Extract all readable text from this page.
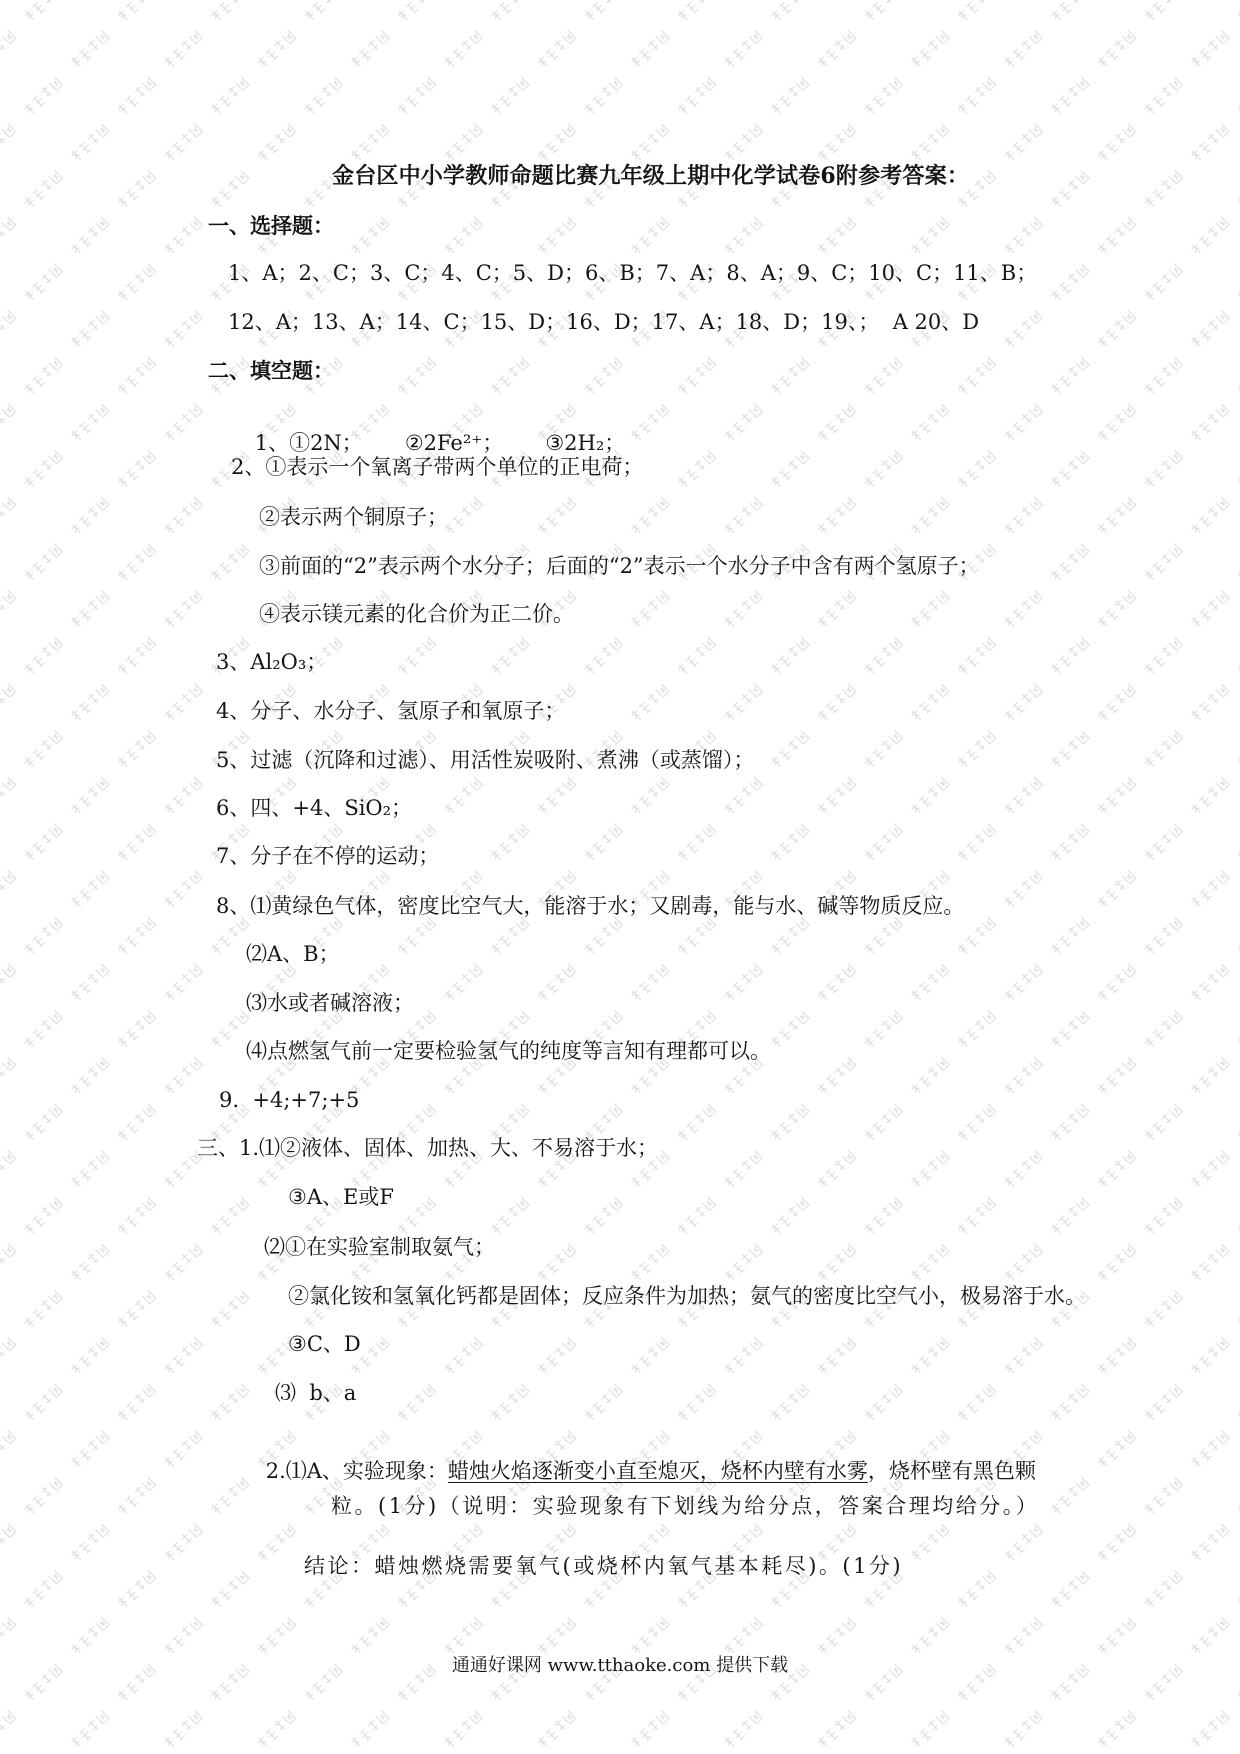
金台区中小学教师命题比赛九年级上期中化学试卷6附参考答案：
一、选择题：
1、A；2、C；3、C；4、C；5、D；6、B；7、A；8、A；9、C；10、C；11、B；
12、A；13、A；14、C；15、D；16、D；17、A；18、D；19、；  A 20、D
二、填空题：

1、①2N； ②2Fe²⁺； ③2H₂；

2、①表示一个氧离子带两个单位的正电荷；
②表示两个铜原子；
③前面的“2”表示两个水分子；后面的“2”表示一个水分子中含有两个氢原子；
④表示镁元素的化合价为正二价。
3、Al₂O₃；
4、分子、水分子、氢原子和氧原子；
5、过滤（沉降和过滤）、用活性炭吸附、煮沸（或蒸馏）；
6、四、+4、SiO₂；
7、分子在不停的运动；
8、⑴黄绿色气体，密度比空气大，能溶于水；又剧毒，能与水、碱等物质反应。
⑵A、B；
⑶水或者碱溶液；
⑷点燃氢气前一定要检验氢气的纯度等言知有理都可以。
9.  +4;+7;+5
三、1.⑴②液体、固体、加热、大、不易溶于水；
③A、E或F
⑵①在实验室制取氨气；
②氯化铵和氢氧化钙都是固体；反应条件为加热；氨气的密度比空气小，极易溶于水。
③C、D
⑶  b、a

2.⑴A、实验现象：蜡烛火焰逐渐变小直至熄灭，烧杯内壁有水雾，烧杯壁有黑色颗

粒。(1分)（说明：实验现象有下划线为给分点，答案合理均给分。）
结论：蜡烛燃烧需要氧气(或烧杯内氧气基本耗尽)。(1分)
通通好课网 www.tthaoke.com 提供下载
